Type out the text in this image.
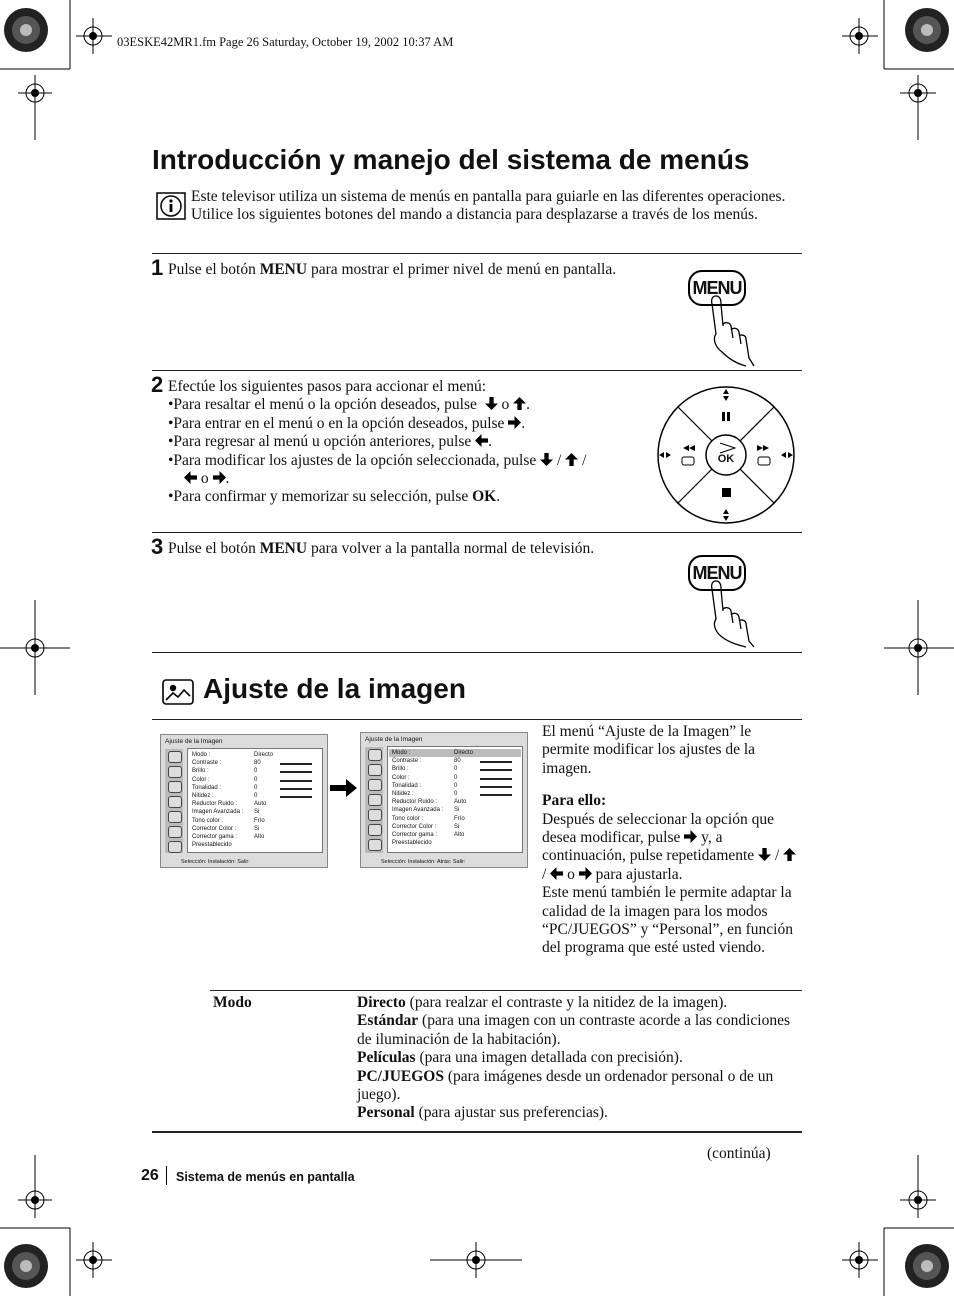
03ESKE42MR1.fm Page 26 Saturday, October 19, 2002 10:37 AM
Introducción y manejo del sistema de menús
Este televisor utiliza un sistema de menús en pantalla para guiarle en las diferentes operaciones. Utilice los siguientes botones del mando a distancia para desplazarse a través de los menús.
1 Pulse el botón MENU para mostrar el primer nivel de menú en pantalla.
MENU
2 Efectúe los siguientes pasos para accionar el menú:
•Para resaltar el menú o la opción deseados, pulse o .
•Para entrar en el menú o en la opción deseados, pulse .
•Para regresar al menú u opción anteriores, pulse .
•Para modificar los ajustes de la opción seleccionada, pulse / /
o .
•Para confirmar y memorizar su selección, pulse OK.
OK
3 Pulse el botón MENU para volver a la pantalla normal de televisión.
MENU
Ajuste de la imagen
Ajuste de la Imagen
Modo :	Directo
Contraste :	80
Brillo :	0
Color :	0
Tonalidad :	0
Nitidez :	0
Reductor Ruido :	Auto
Imagen Avanzada : Si
Tono color :	Frío
Corrector Color :	Si
Corrector gama :	Alto
Preestablecido
Selección: Instalación: Salir:
Ajuste de la Imagen
Modo :	Directo
Contraste :	80
Brillo :	0
Color :	0
Tonalidad :	0
Nitidez :	0
Reductor Ruido :	Auto
Imagen Avanzada : Si
Tono color :	Frío
Corrector Color :	Si
Corrector gama :	Alto
Preestablecido
Selección: Instalación: Atrás: Salir:
El menú “Ajuste de la Imagen” le permite modificar los ajustes de la imagen.
Para ello:
Después de seleccionar la opción que desea modificar, pulse y, a continuación, pulse repetidamente  /  /  o para ajustarla.
Este menú también le permite adaptar la calidad de la imagen para los modos “PC/JUEGOS” y “Personal”, en función del programa que esté usted viendo.
Modo	Directo (para realzar el contraste y la nitidez de la imagen).
Estándar (para una imagen con un contraste acorde a las condiciones de iluminación de la habitación).
Películas (para una imagen detallada con precisión).
PC/JUEGOS (para imágenes desde un ordenador personal o de un juego).
Personal (para ajustar sus preferencias).
(continúa)
26 Sistema de menús en pantalla
